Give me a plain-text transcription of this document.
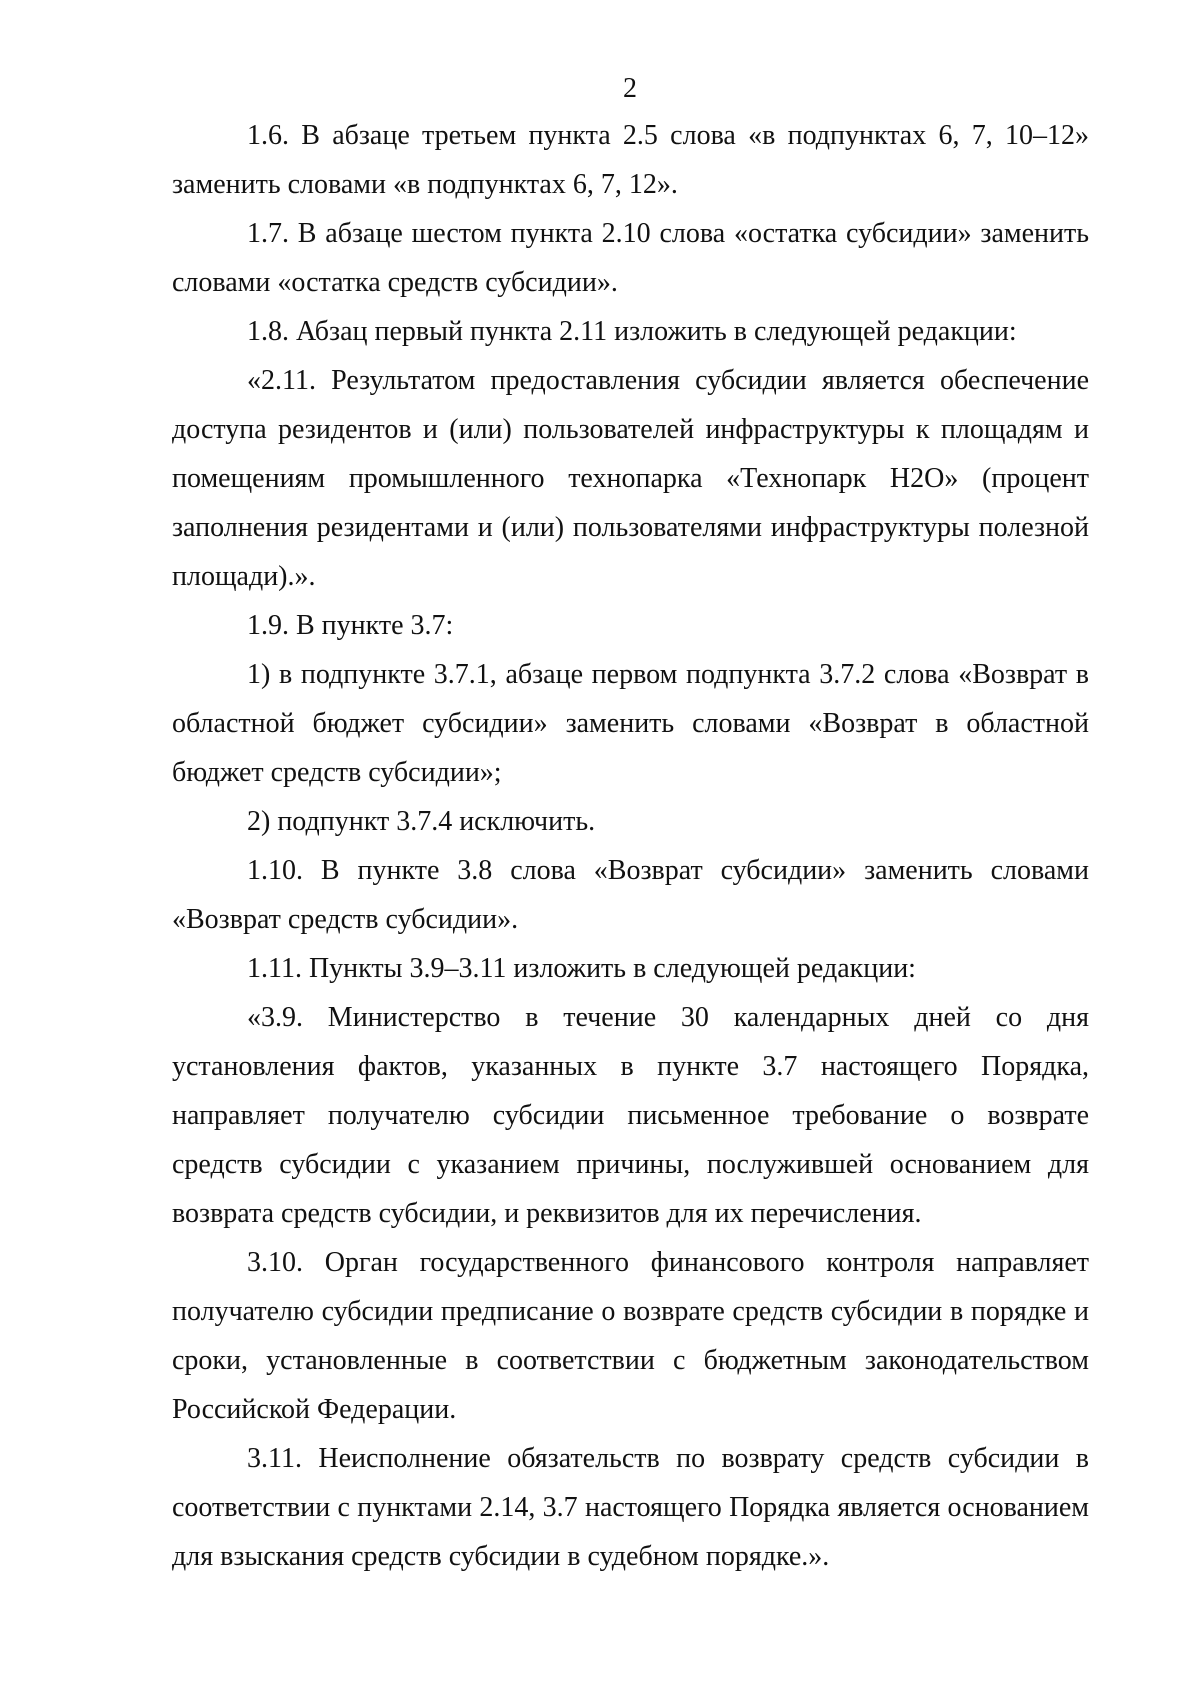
2

1.6. В абзаце третьем пункта 2.5 слова «в подпунктах 6, 7, 10–12» заменить словами «в подпунктах 6, 7, 12».

1.7. В абзаце шестом пункта 2.10 слова «остатка субсидии» заменить словами «остатка средств субсидии».

1.8. Абзац первый пункта 2.11 изложить в следующей редакции:

«2.11. Результатом предоставления субсидии является обеспечение доступа резидентов и (или) пользователей инфраструктуры к площадям и помещениям промышленного технопарка «Технопарк H2O» (процент заполнения резидентами и (или) пользователями инфраструктуры полезной площади).».

1.9. В пункте 3.7:

1) в подпункте 3.7.1, абзаце первом подпункта 3.7.2 слова «Возврат в областной бюджет субсидии» заменить словами «Возврат в областной бюджет средств субсидии»;

2) подпункт 3.7.4 исключить.

1.10. В пункте 3.8 слова «Возврат субсидии» заменить словами «Возврат средств субсидии».

1.11. Пункты 3.9–3.11 изложить в следующей редакции:

«3.9. Министерство в течение 30 календарных дней со дня установления фактов, указанных в пункте 3.7 настоящего Порядка, направляет получателю субсидии письменное требование о возврате средств субсидии с указанием причины, послужившей основанием для возврата средств субсидии, и реквизитов для их перечисления.

3.10. Орган государственного финансового контроля направляет получателю субсидии предписание о возврате средств субсидии в порядке и сроки, установленные в соответствии с бюджетным законодательством Российской Федерации.

3.11. Неисполнение обязательств по возврату средств субсидии в соответствии с пунктами 2.14, 3.7 настоящего Порядка является основанием для взыскания средств субсидии в судебном порядке.».
